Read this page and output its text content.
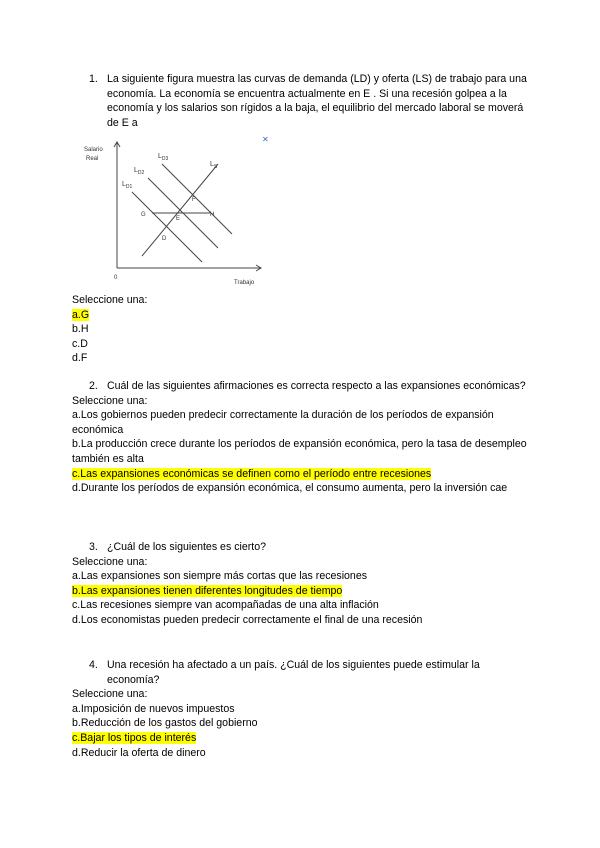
1. La siguiente figura muestra las curvas de demanda (LD) y oferta (LS) de trabajo para una economía. La economía se encuentra actualmente en E . Si una recesión golpea a la economía y los salarios son rígidos a la baja, el equilibrio del mercado laboral se moverá de E a
Salario
Real
Trabajo
0
$L_{D3}$
$L_{D2}$
$L_{D1}$
$L_S$
G
E
H
F
D
✕
Seleccione una:
a.G
b.H
c.D
d.F
2. Cuál de las siguientes afirmaciones es correcta respecto a las expansiones económicas?
Seleccione una:
a.Los gobiernos pueden predecir correctamente la duración de los períodos de expansión económica
b.La producción crece durante los períodos de expansión económica, pero la tasa de desempleo también es alta
c.Las expansiones económicas se definen como el período entre recesiones
d.Durante los períodos de expansión económica, el consumo aumenta, pero la inversión cae
3. ¿Cuál de los siguientes es cierto?
Seleccione una:
a.Las expansiones son siempre más cortas que las recesiones
b.Las expansiones tienen diferentes longitudes de tiempo
c.Las recesiones siempre van acompañadas de una alta inflación
d.Los economistas pueden predecir correctamente el final de una recesión
4. Una recesión ha afectado a un país. ¿Cuál de los siguientes puede estimular la economía?
Seleccione una:
a.Imposición de nuevos impuestos
b.Reducción de los gastos del gobierno
c.Bajar los tipos de interés
d.Reducir la oferta de dinero
